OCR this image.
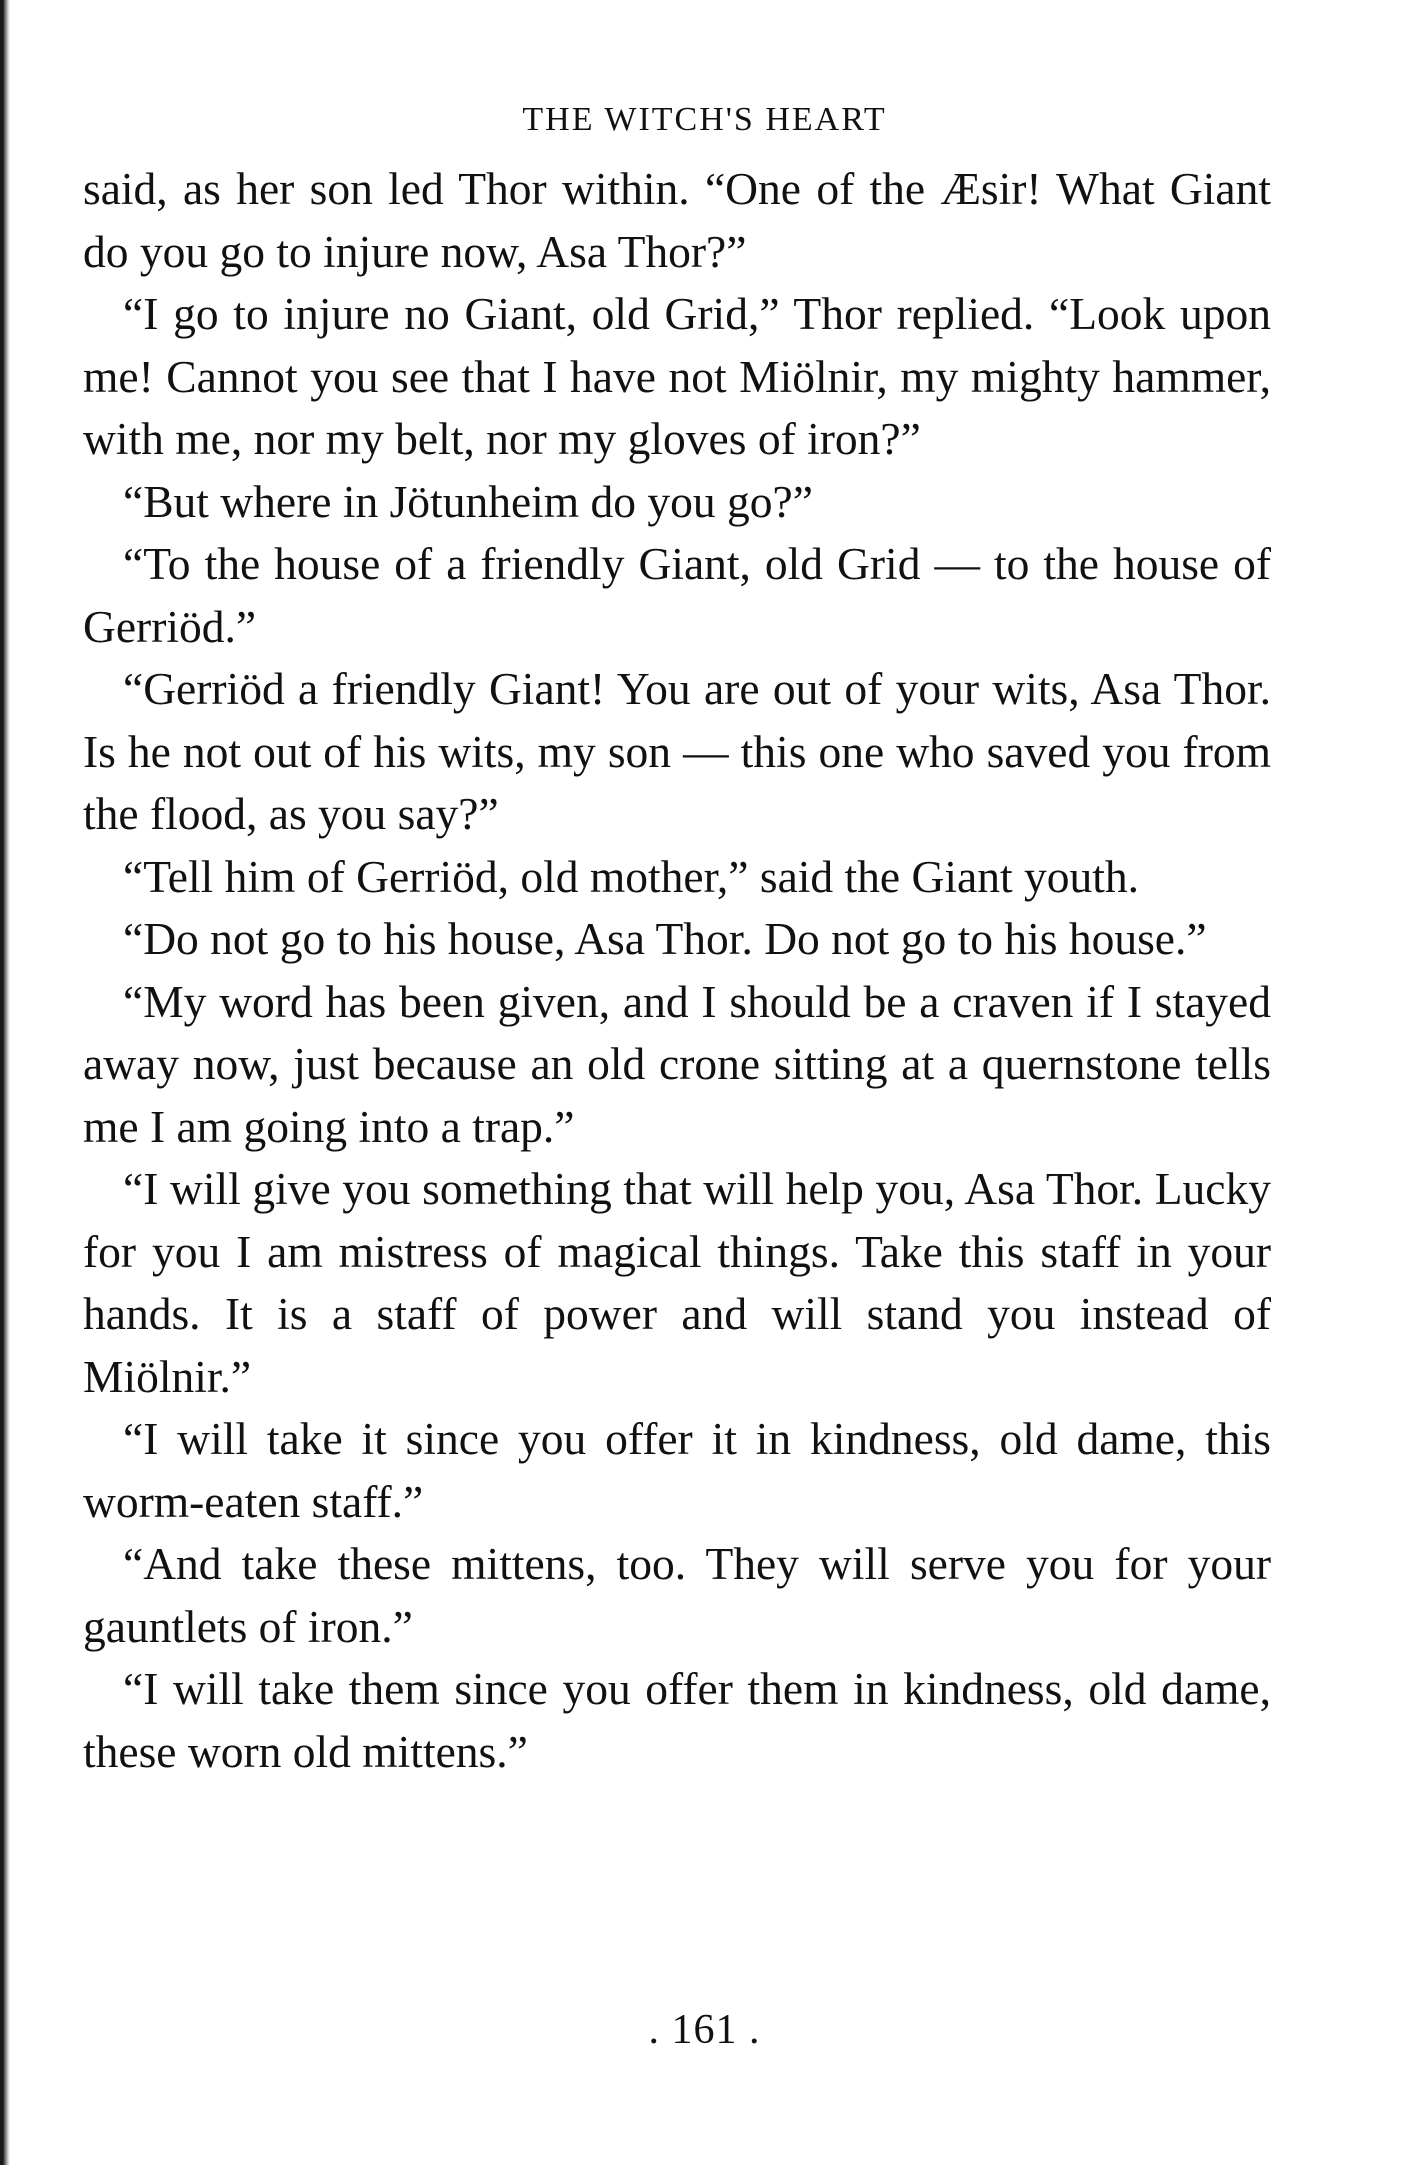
THE WITCH'S HEART

said, as her son led Thor within. “One of the Æsir! What Giant do you go to injure now, Asa Thor?”

“I go to injure no Giant, old Grid,” Thor replied. “Look upon me! Cannot you see that I have not Miölnir, my mighty hammer, with me, nor my belt, nor my gloves of iron?”

“But where in Jötunheim do you go?”

“To the house of a friendly Giant, old Grid — to the house of Gerriöd.”

“Gerriöd a friendly Giant! You are out of your wits, Asa Thor. Is he not out of his wits, my son — this one who saved you from the flood, as you say?”

“Tell him of Gerriöd, old mother,” said the Giant youth.

“Do not go to his house, Asa Thor. Do not go to his house.”

“My word has been given, and I should be a craven if I stayed away now, just because an old crone sitting at a quernstone tells me I am going into a trap.”

“I will give you something that will help you, Asa Thor. Lucky for you I am mistress of magical things. Take this staff in your hands. It is a staff of power and will stand you instead of Miölnir.”

“I will take it since you offer it in kindness, old dame, this worm-eaten staff.”

“And take these mittens, too. They will serve you for your gauntlets of iron.”

“I will take them since you offer them in kindness, old dame, these worn old mittens.”

. 161 .
